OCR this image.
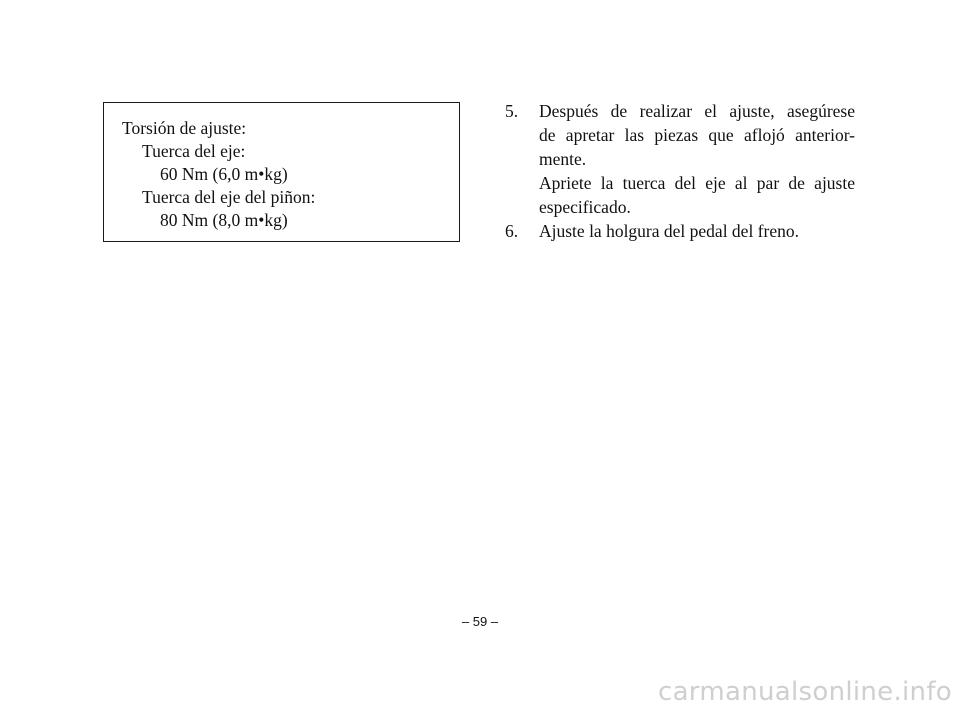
Torsión de ajuste:
Tuerca del eje:
60 Nm (6,0 m•kg)
Tuerca del eje del piñon:
80 Nm (8,0 m•kg)
5.	Después de realizar el ajuste, asegúrese
de apretar las piezas que aflojó anterior-
mente.
Apriete la tuerca del eje al par de ajuste
especificado.
6.	Ajuste la holgura del pedal del freno.
– 59 –
carmanualsonline.info
